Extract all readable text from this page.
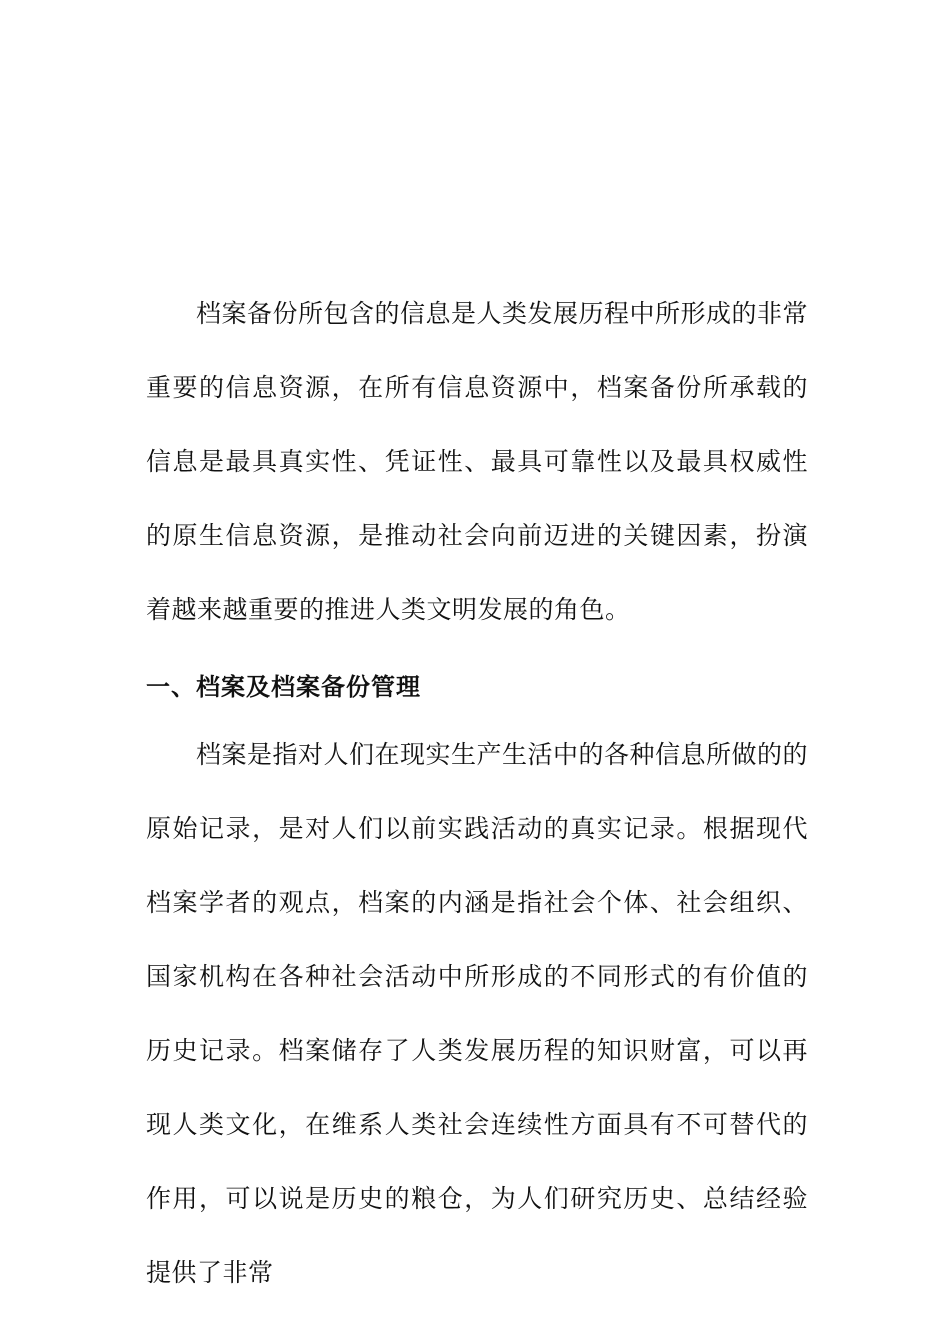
档案备份所包含的信息是人类发展历程中所形成的非常重要的信息资源，在所有信息资源中，档案备份所承载的信息是最具真实性、凭证性、最具可靠性以及最具权威性的原生信息资源，是推动社会向前迈进的关键因素，扮演着越来越重要的推进人类文明发展的角色。

一、档案及档案备份管理

档案是指对人们在现实生产生活中的各种信息所做的的原始记录，是对人们以前实践活动的真实记录。根据现代档案学者的观点，档案的内涵是指社会个体、社会组织、国家机构在各种社会活动中所形成的不同形式的有价值的历史记录。档案储存了人类发展历程的知识财富，可以再现人类文化，在维系人类社会连续性方面具有不可替代的作用，可以说是历史的粮仓，为人们研究历史、总结经验提供了非常
